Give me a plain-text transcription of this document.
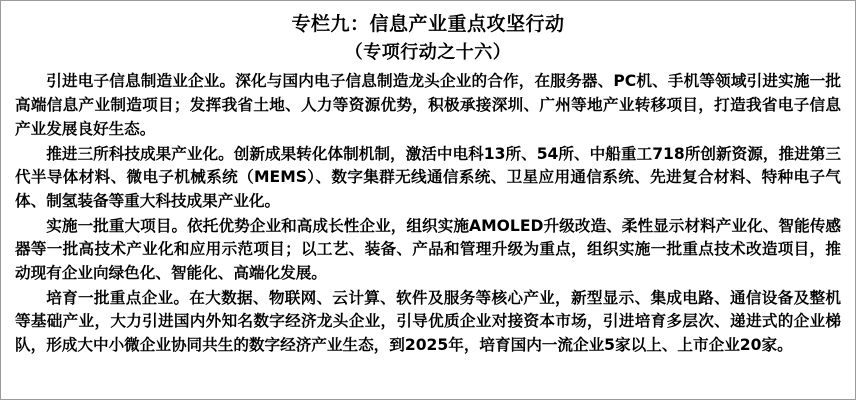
专栏九：信息产业重点攻坚行动
（专项行动之十六）

引进电子信息制造业企业。深化与国内电子信息制造龙头企业的合作，在服务器、PC机、手机等领域引进实施一批高端信息产业制造项目；发挥我省土地、人力等资源优势，积极承接深圳、广州等地产业转移项目，打造我省电子信息产业发展良好生态。

推进三所科技成果产业化。创新成果转化体制机制，激活中电科13所、54所、中船重工718所创新资源，推进第三代半导体材料、微电子机械系统（MEMS）、数字集群无线通信系统、卫星应用通信系统、先进复合材料、特种电子气体、制氢装备等重大科技成果产业化。

实施一批重大项目。依托优势企业和高成长性企业，组织实施AMOLED升级改造、柔性显示材料产业化、智能传感器等一批高技术产业化和应用示范项目；以工艺、装备、产品和管理升级为重点，组织实施一批重点技术改造项目，推动现有企业向绿色化、智能化、高端化发展。

培育一批重点企业。在大数据、物联网、云计算、软件及服务等核心产业，新型显示、集成电路、通信设备及整机等基础产业，大力引进国内外知名数字经济龙头企业，引导优质企业对接资本市场，引进培育多层次、递进式的企业梯队，形成大中小微企业协同共生的数字经济产业生态，到2025年，培育国内一流企业5家以上、上市企业20家。
